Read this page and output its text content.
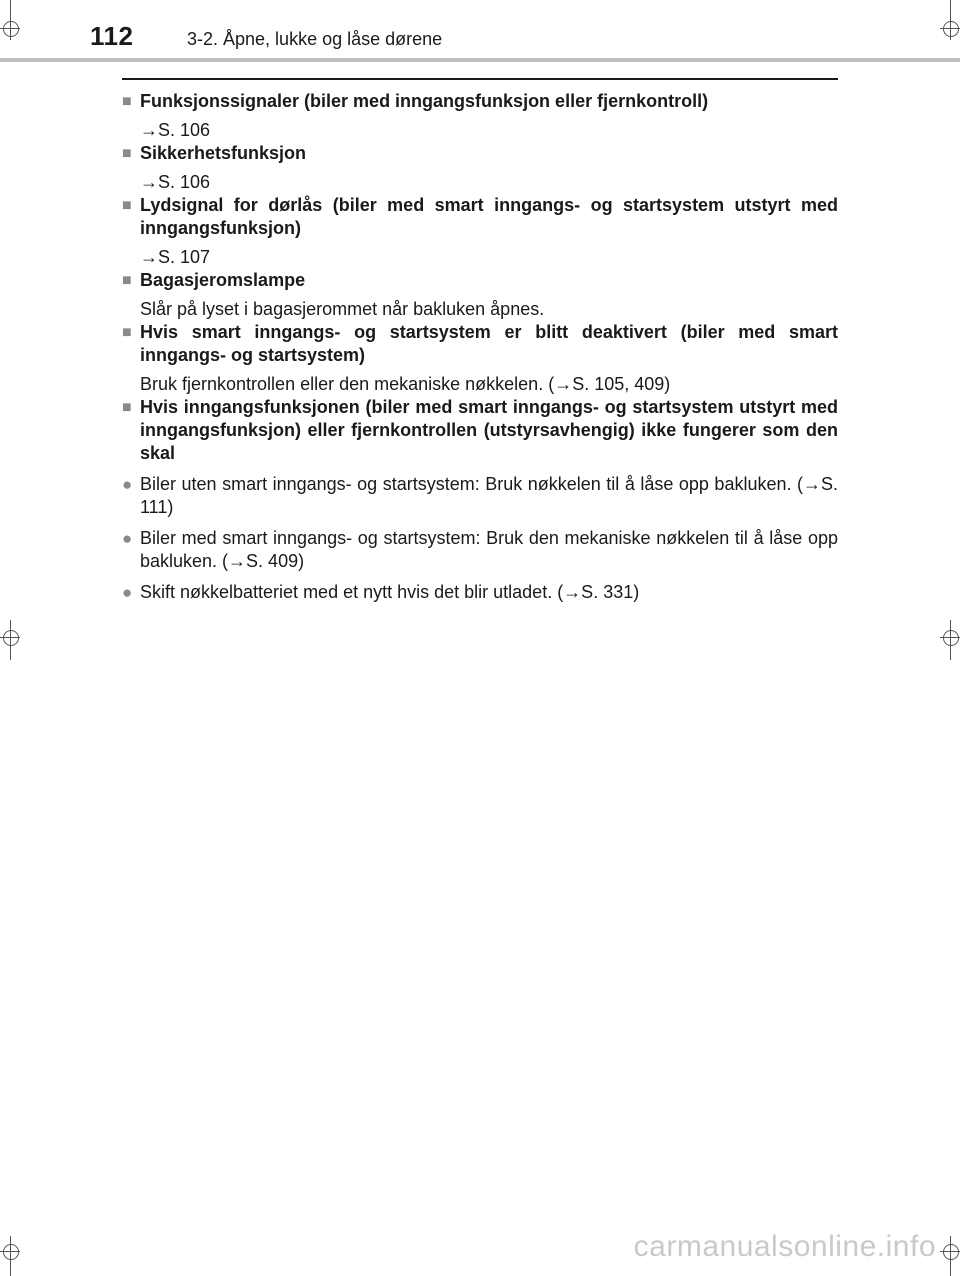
112	3-2. Åpne, lukke og låse dørene
■ Funksjonssignaler (biler med inngangsfunksjon eller fjernkontroll)
→S. 106
■ Sikkerhetsfunksjon
→S. 106
■ Lydsignal for dørlås (biler med smart inngangs- og startsystem utstyrt med inngangsfunksjon)
→S. 107
■ Bagasjeromslampe
Slår på lyset i bagasjerommet når bakluken åpnes.
■ Hvis smart inngangs- og startsystem er blitt deaktivert (biler med smart inngangs- og startsystem)
Bruk fjernkontrollen eller den mekaniske nøkkelen. (→S. 105, 409)
■ Hvis inngangsfunksjonen (biler med smart inngangs- og startsystem utstyrt med inngangsfunksjon) eller fjernkontrollen (utstyrsavhengig) ikke fungerer som den skal
● Biler uten smart inngangs- og startsystem: Bruk nøkkelen til å låse opp bakluken. (→S. 111)
● Biler med smart inngangs- og startsystem: Bruk den mekaniske nøkkelen til å låse opp bakluken. (→S. 409)
● Skift nøkkelbatteriet med et nytt hvis det blir utladet. (→S. 331)
carmanualsonline.info
